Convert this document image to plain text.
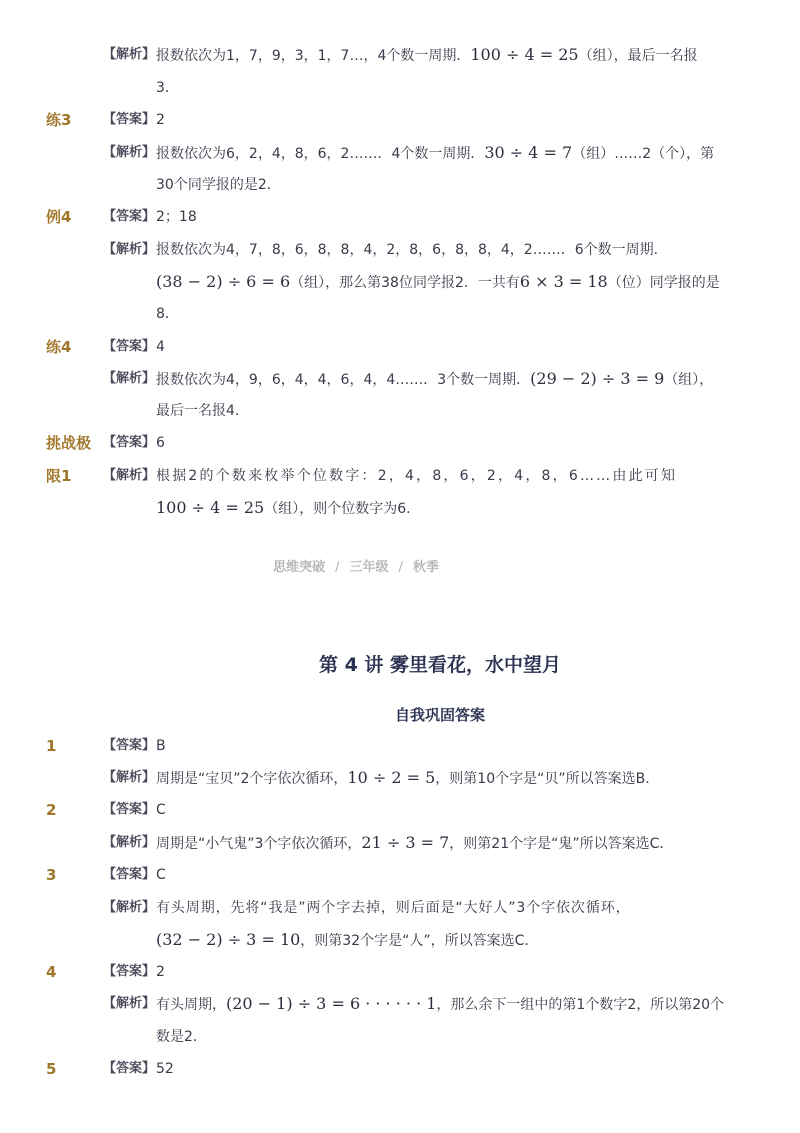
【解析】 报数依次为1，7，9，3，1，7…，4个数一周期．100 ÷ 4 = 25（组），最后一名报
3．
练3 【答案】 2
【解析】 报数依次为6，2，4，8，6，2……．4个数一周期．30 ÷ 4 = 7（组）……2（个），第
30个同学报的是2．
例4 【答案】 2；18
【解析】 报数依次为4，7，8，6，8，8，4，2，8，6，8，8，4，2……．6个数一周期．
(38 − 2) ÷ 6 = 6（组），那么第38位同学报2．一共有6 × 3 = 18（位）同学报的是
8．
练4 【答案】 4
【解析】 报数依次为4，9，6，4，4，6，4，4……．3个数一周期．(29 − 2) ÷ 3 = 9（组），
最后一名报4．
挑战极
限1
【答案】 6
【解析】 根据2的个数来枚举个位数字：2，4，8，6，2，4，8，6……由此可知
100 ÷ 4 = 25（组），则个位数字为6．
思维突破 / 三年级 / 秋季
第 4 讲 雾里看花，水中望月
自我巩固答案
1	【答案】 B
【解析】 周期是“宝贝”2个字依次循环，10 ÷ 2 = 5，则第10个字是“贝”所以答案选B．
2	【答案】 C
【解析】 周期是“小气鬼”3个字依次循环，21 ÷ 3 = 7，则第21个字是“鬼”所以答案选C．
3	【答案】 C
【解析】 有头周期，先将“我是”两个字去掉，则后面是“大好人”3个字依次循环，
(32 − 2) ÷ 3 = 10，则第32个字是“人”，所以答案选C．
4	【答案】 2
【解析】 有头周期，(20 − 1) ÷ 3 = 6 · · · · · · 1，那么余下一组中的第1个数字2，所以第20个
数是2．
5	【答案】 52
